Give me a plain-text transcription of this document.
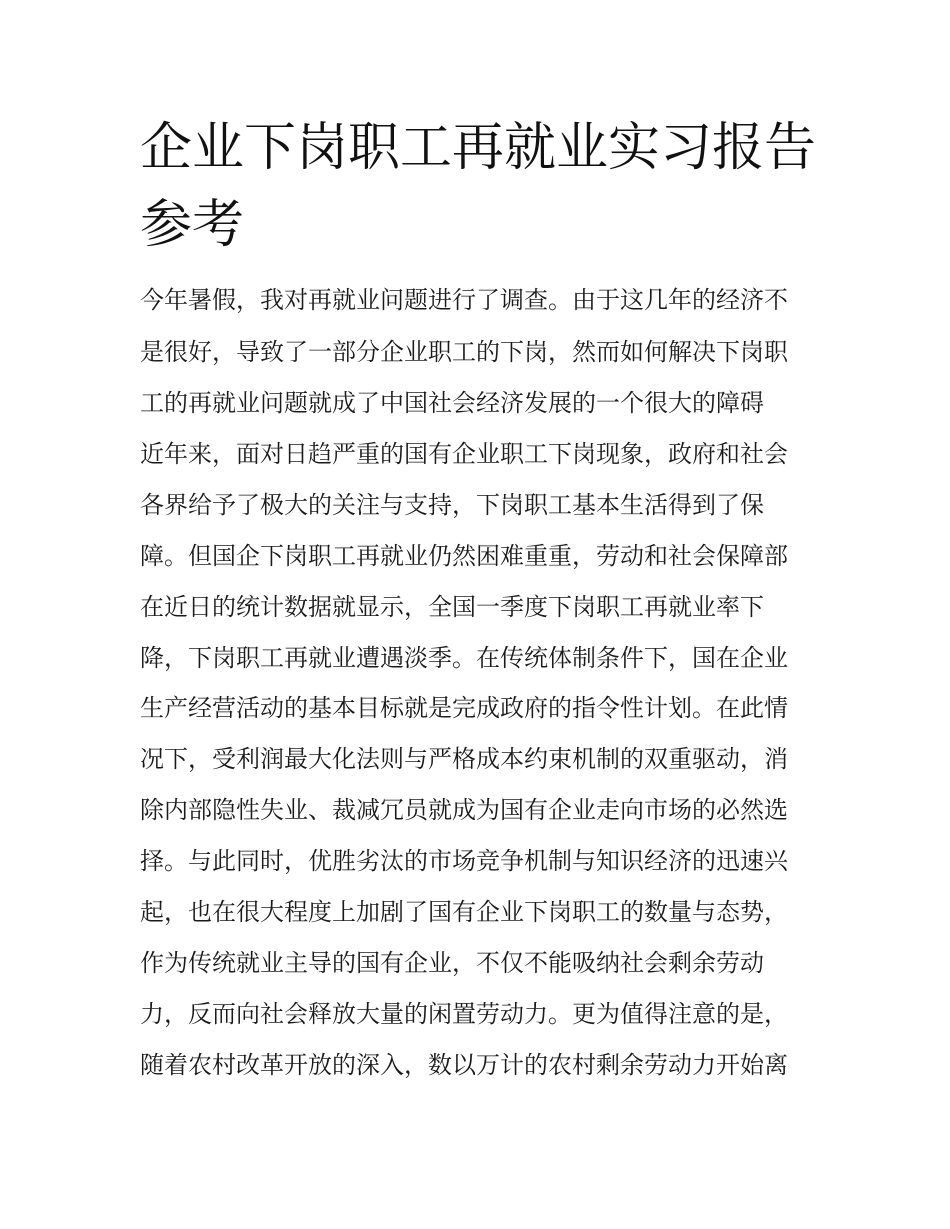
企业下岗职工再就业实习报告
参考
今年暑假，我对再就业问题进行了调查。由于这几年的经济不
是很好，导致了一部分企业职工的下岗，然而如何解决下岗职
工的再就业问题就成了中国社会经济发展的一个很大的障碍
近年来，面对日趋严重的国有企业职工下岗现象，政府和社会
各界给予了极大的关注与支持，下岗职工基本生活得到了保
障。但国企下岗职工再就业仍然困难重重，劳动和社会保障部
在近日的统计数据就显示，全国一季度下岗职工再就业率下
降，下岗职工再就业遭遇淡季。在传统体制条件下，国在企业
生产经营活动的基本目标就是完成政府的指令性计划。在此情
况下，受利润最大化法则与严格成本约束机制的双重驱动，消
除内部隐性失业、裁减冗员就成为国有企业走向市场的必然选
择。与此同时，优胜劣汰的市场竞争机制与知识经济的迅速兴
起，也在很大程度上加剧了国有企业下岗职工的数量与态势，
作为传统就业主导的国有企业，不仅不能吸纳社会剩余劳动
力，反而向社会释放大量的闲置劳动力。更为值得注意的是，
随着农村改革开放的深入，数以万计的农村剩余劳动力开始离
